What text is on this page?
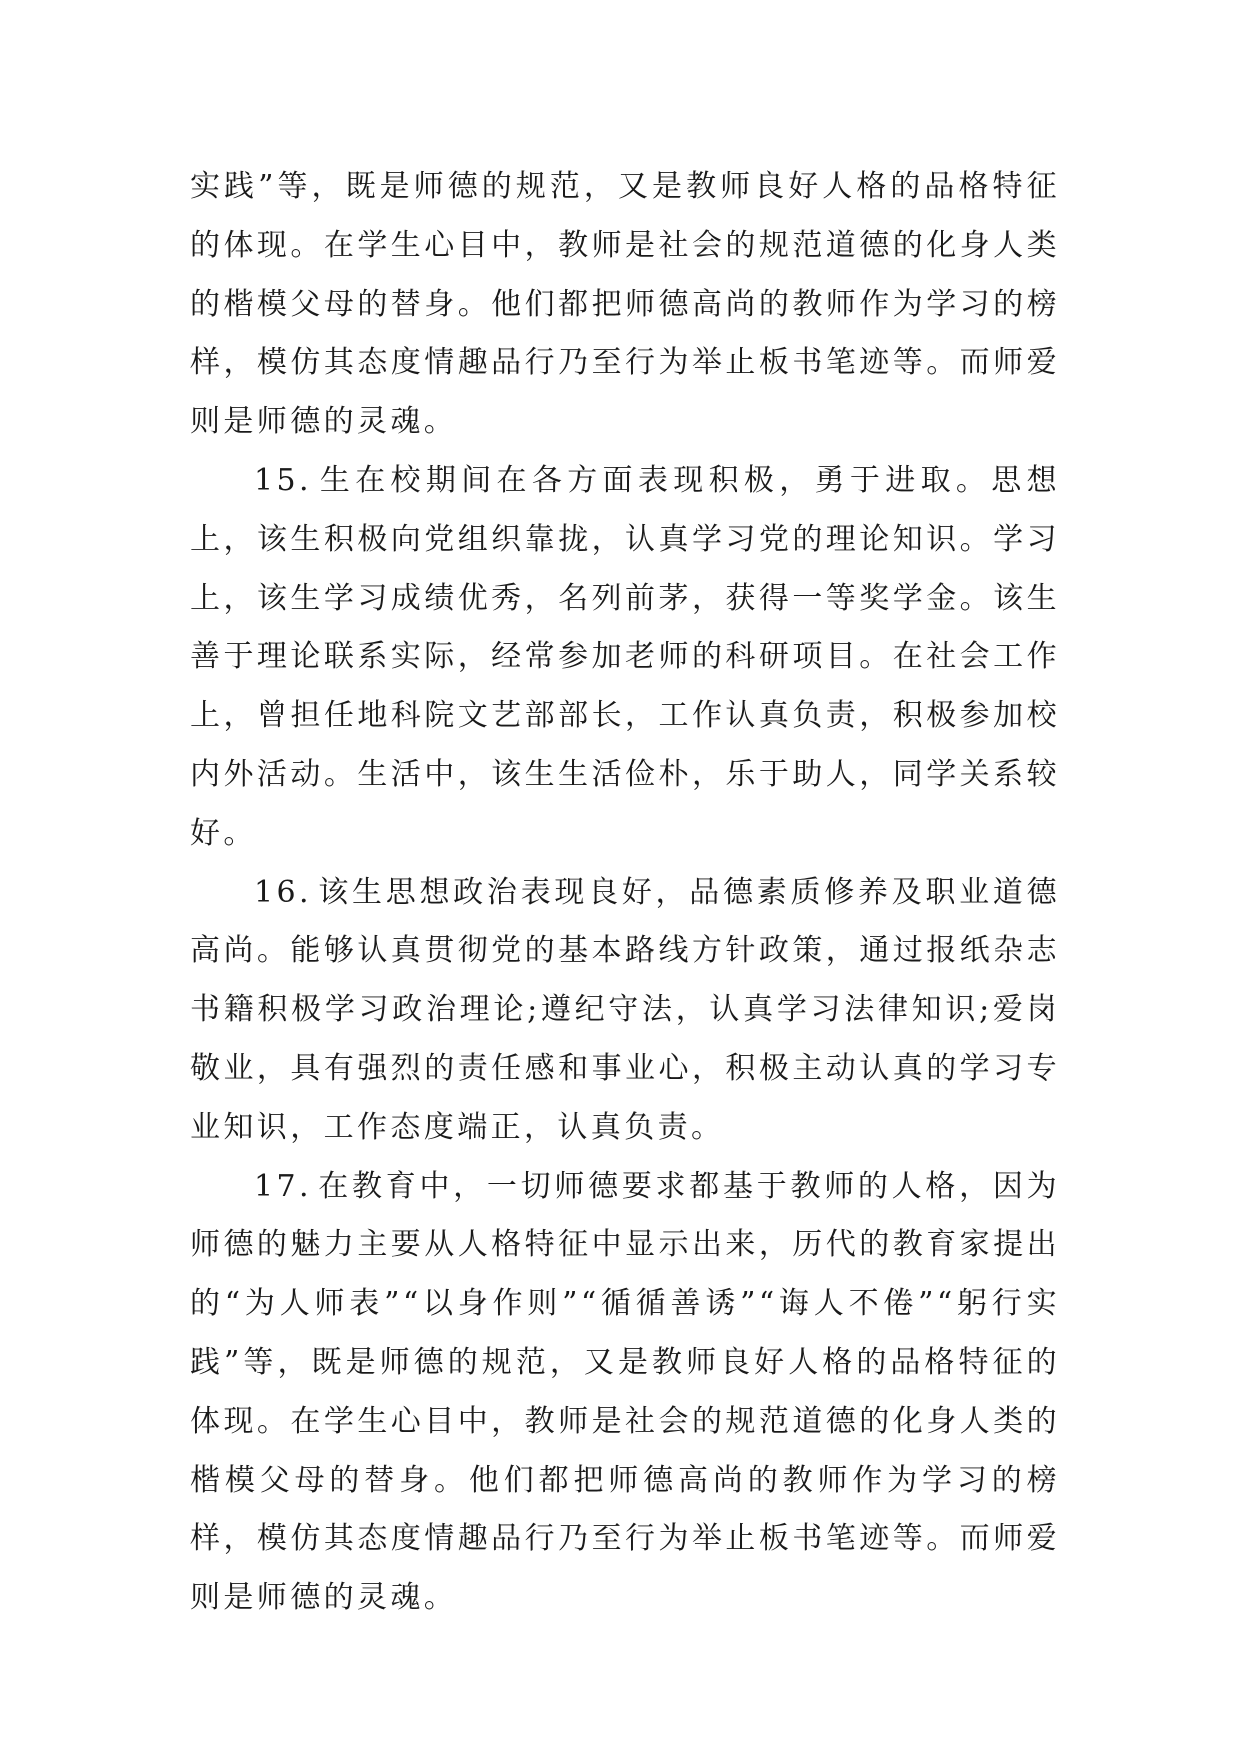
实践”等，既是师德的规范，又是教师良好人格的品格特征的体现。在学生心目中，教师是社会的规范道德的化身人类的楷模父母的替身。他们都把师德高尚的教师作为学习的榜样，模仿其态度情趣品行乃至行为举止板书笔迹等。而师爱则是师德的灵魂。

15. 生在校期间在各方面表现积极，勇于进取。思想上，该生积极向党组织靠拢，认真学习党的理论知识。学习上，该生学习成绩优秀，名列前茅，获得一等奖学金。该生善于理论联系实际，经常参加老师的科研项目。在社会工作上，曾担任地科院文艺部部长，工作认真负责，积极参加校内外活动。生活中，该生生活俭朴，乐于助人，同学关系较好。

16. 该生思想政治表现良好，品德素质修养及职业道德高尚。能够认真贯彻党的基本路线方针政策，通过报纸杂志书籍积极学习政治理论;遵纪守法，认真学习法律知识;爱岗敬业，具有强烈的责任感和事业心，积极主动认真的学习专业知识，工作态度端正，认真负责。

17. 在教育中，一切师德要求都基于教师的人格，因为师德的魅力主要从人格特征中显示出来，历代的教育家提出的“为人师表”“以身作则”“循循善诱”“诲人不倦”“躬行实践”等，既是师德的规范，又是教师良好人格的品格特征的体现。在学生心目中，教师是社会的规范道德的化身人类的楷模父母的替身。他们都把师德高尚的教师作为学习的榜样，模仿其态度情趣品行乃至行为举止板书笔迹等。而师爱则是师德的灵魂。
